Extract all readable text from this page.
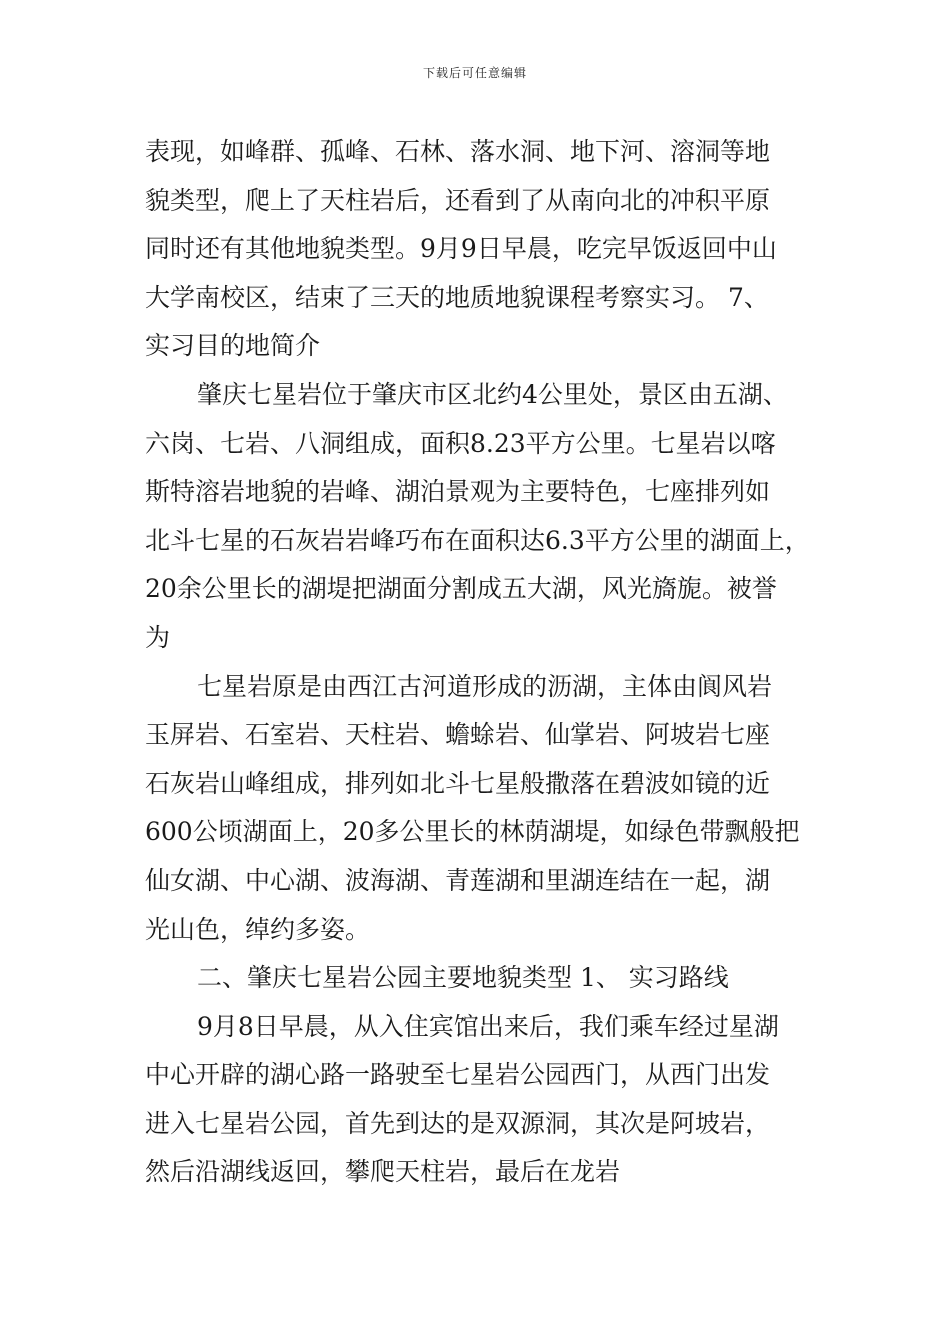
下载后可任意编辑
表现，如峰群、孤峰、石林、落水洞、地下河、溶洞等地
貌类型，爬上了天柱岩后，还看到了从南向北的冲积平原
同时还有其他地貌类型。9月9日早晨，吃完早饭返回中山
大学南校区，结束了三天的地质地貌课程考察实习。 7、
实习目的地简介
肇庆七星岩位于肇庆市区北约4公里处，景区由五湖、
六岗、七岩、八洞组成，面积8.23平方公里。七星岩以喀
斯特溶岩地貌的岩峰、湖泊景观为主要特色，七座排列如
北斗七星的石灰岩岩峰巧布在面积达6.3平方公里的湖面上，
20余公里长的湖堤把湖面分割成五大湖，风光旖旎。被誉
为
七星岩原是由西江古河道形成的沥湖，主体由阆风岩
玉屏岩、石室岩、天柱岩、蟾蜍岩、仙掌岩、阿坡岩七座
石灰岩山峰组成，排列如北斗七星般撒落在碧波如镜的近
600公顷湖面上，20多公里长的林荫湖堤，如绿色带飘般把
仙女湖、中心湖、波海湖、青莲湖和里湖连结在一起，湖
光山色，绰约多姿。
二、肇庆七星岩公园主要地貌类型 1、 实习路线
9月8日早晨，从入住宾馆出来后，我们乘车经过星湖
中心开辟的湖心路一路驶至七星岩公园西门，从西门出发
进入七星岩公园，首先到达的是双源洞，其次是阿坡岩，
然后沿湖线返回，攀爬天柱岩，最后在龙岩
